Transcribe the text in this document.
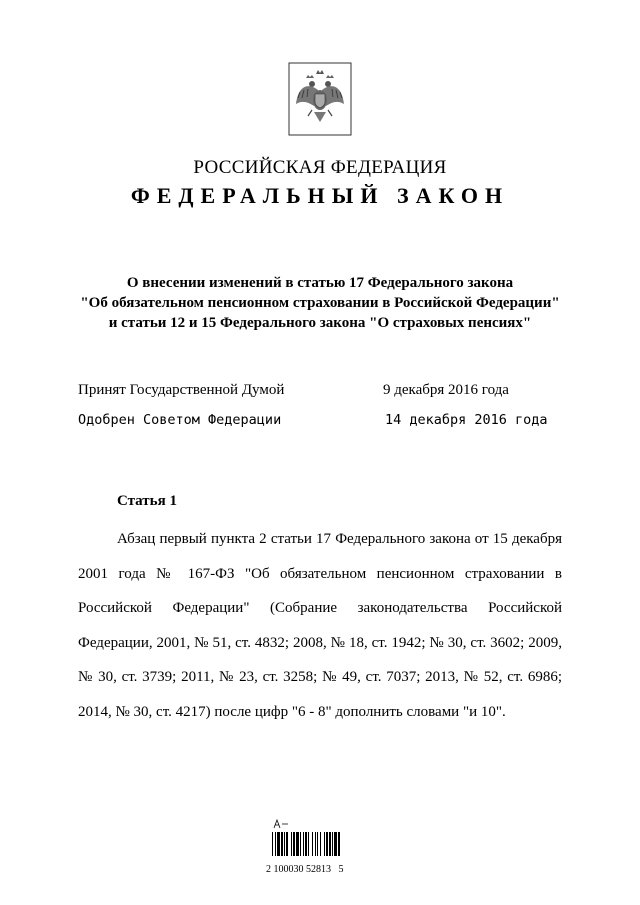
РОССИЙСКАЯ ФЕДЕРАЦИЯ
ФЕДЕРАЛЬНЫЙ ЗАКОН
О внесении изменений в статью 17 Федерального закона
"Об обязательном пенсионном страховании в Российской Федерации"
и статьи 12 и 15 Федерального закона "О страховых пенсиях"
Принят Государственной Думой	9 декабря 2016 года
Одобрен Советом Федерации	14 декабря 2016 года
Статья 1
Абзац первый пункта 2 статьи 17 Федерального закона от 15 декабря
2001 года № 167-ФЗ "Об обязательном пенсионном страховании в
Российской Федерации" (Собрание законодательства Российской
Федерации, 2001, № 51, ст. 4832; 2008, № 18, ст. 1942; № 30, ст. 3602; 2009,
№ 30, ст. 3739; 2011, № 23, ст. 3258; № 49, ст. 7037; 2013, № 52, ст. 6986;
2014, № 30, ст. 4217) после цифр "6 - 8" дополнить словами "и 10".
2 100030 52813   5
